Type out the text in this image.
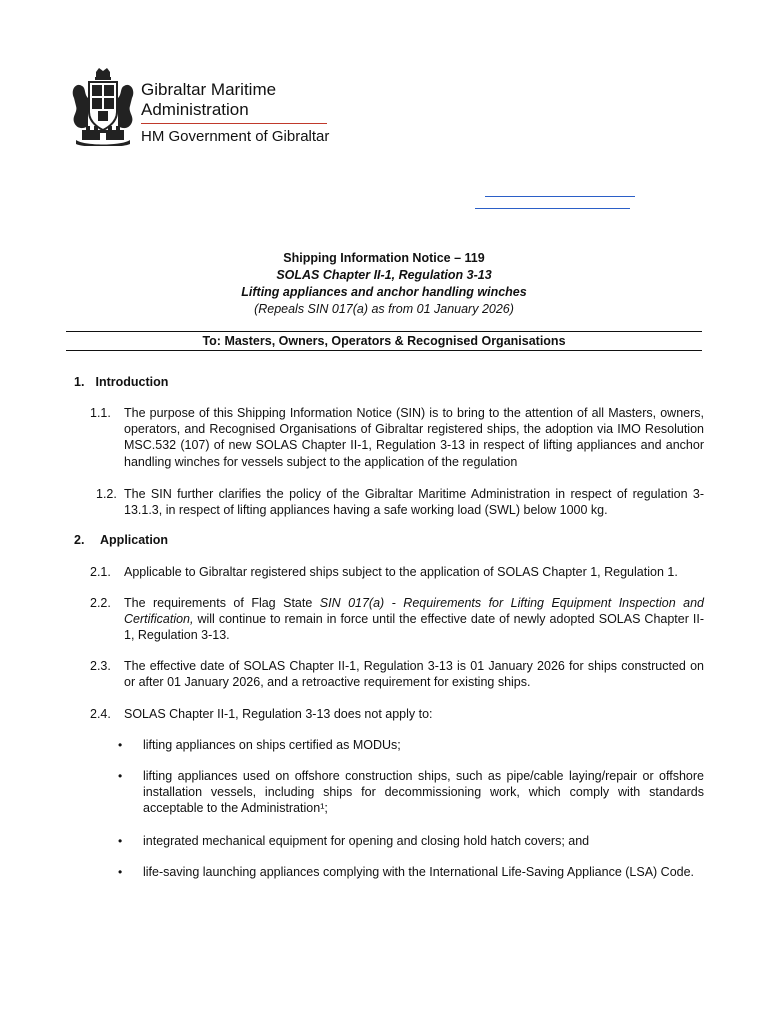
Gibraltar Maritime
Administration
HM Government of Gibraltar
Shipping Information Notice – 119
SOLAS Chapter II-1, Regulation 3-13
Lifting appliances and anchor handling winches
(Repeals SIN 017(a) as from 01 January 2026)
To: Masters, Owners, Operators & Recognised Organisations
1. Introduction
1.1.	The purpose of this Shipping Information Notice (SIN) is to bring to the attention of all Masters, owners, operators, and Recognised Organisations of Gibraltar registered ships, the adoption via IMO Resolution MSC.532 (107) of new SOLAS Chapter II-1, Regulation 3-13 in respect of lifting appliances and anchor handling winches for vessels subject to the application of the regulation
1.2. The SIN further clarifies the policy of the Gibraltar Maritime Administration in respect of regulation 3-13.1.3, in respect of lifting appliances having a safe working load (SWL) below 1000 kg.
2. Application
2.1.	Applicable to Gibraltar registered ships subject to the application of SOLAS Chapter 1, Regulation 1.
2.2.	The requirements of Flag State SIN 017(a) - Requirements for Lifting Equipment Inspection and Certification, will continue to remain in force until the effective date of newly adopted SOLAS Chapter II-1, Regulation 3-13.
2.3.	The effective date of SOLAS Chapter II-1, Regulation 3-13 is 01 January 2026 for ships constructed on or after 01 January 2026, and a retroactive requirement for existing ships.
2.4.	SOLAS Chapter II-1, Regulation 3-13 does not apply to:
• lifting appliances on ships certified as MODUs;
• lifting appliances used on offshore construction ships, such as pipe/cable laying/repair or offshore installation vessels, including ships for decommissioning work, which comply with standards acceptable to the Administration¹;
• integrated mechanical equipment for opening and closing hold hatch covers; and
• life-saving launching appliances complying with the International Life-Saving Appliance (LSA) Code.
